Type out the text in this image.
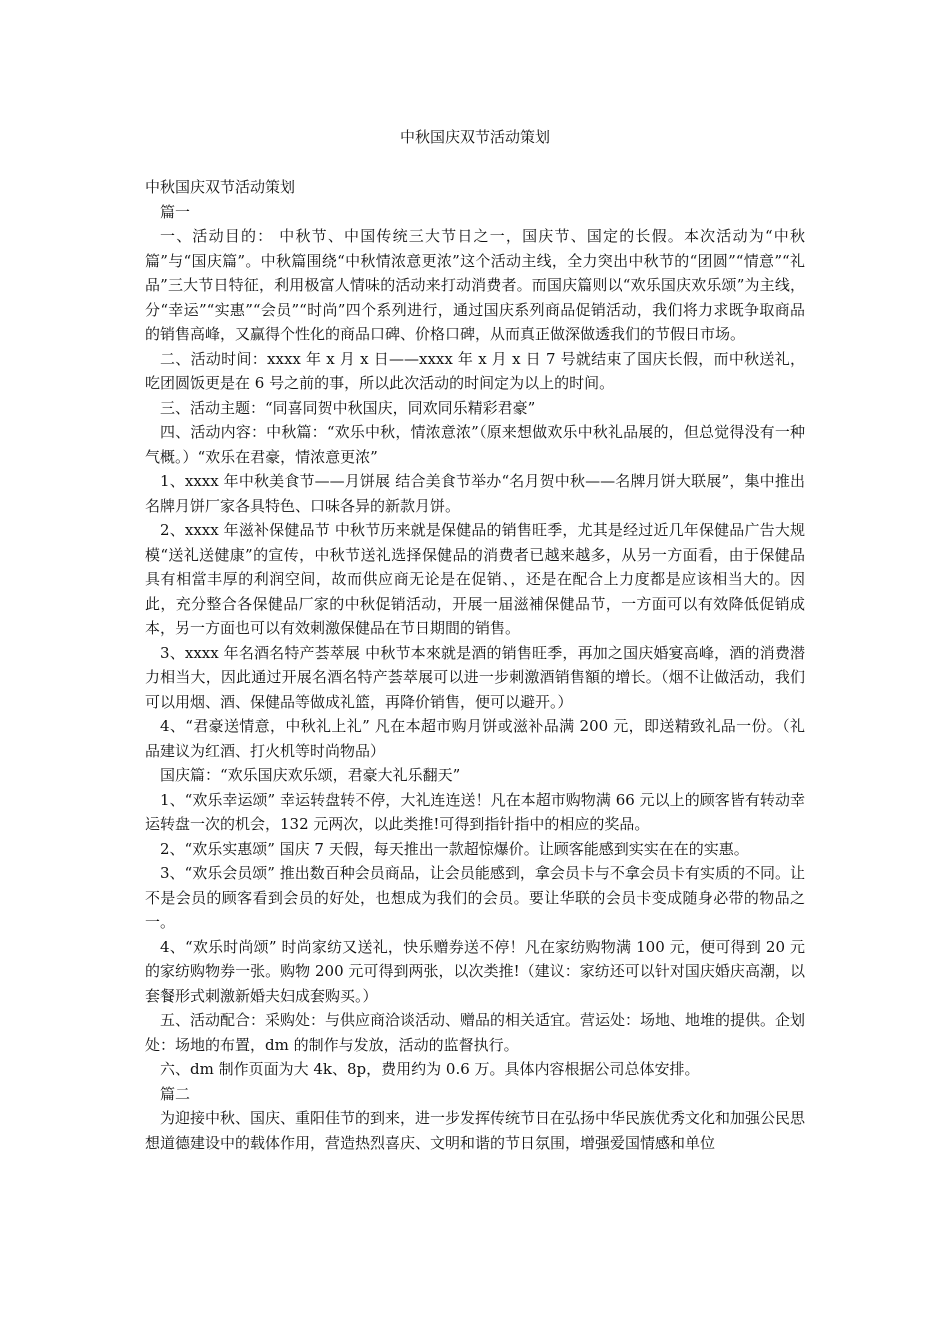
中秋国庆双节活动策划

中秋国庆双节活动策划

篇一

一、活动目的： 中秋节、中国传统三大节日之一，国庆节、国定的长假。本次活动为“中秋篇”与“国庆篇”。中秋篇围绕“中秋情浓意更浓”这个活动主线，全力突出中秋节的“团圆”“情意”“礼品”三大节日特征，利用极富人情味的活动来打动消费者。而国庆篇则以“欢乐国庆欢乐颂”为主线，分“幸运”“实惠”“会员”“时尚”四个系列进行，通过国庆系列商品促销活动，我们将力求既争取商品的销售高峰，又赢得个性化的商品口碑、价格口碑，从而真正做深做透我们的节假日市场。

二、活动时间：xxxx 年 x 月 x 日——xxxx 年 x 月 x 日 7 号就结束了国庆长假，而中秋送礼，吃团圆饭更是在 6 号之前的事，所以此次活动的时间定为以上的时间。

三、活动主题：“同喜同贺中秋国庆，同欢同乐精彩君豪”

四、活动内容：中秋篇：“欢乐中秋，情浓意浓”（原来想做欢乐中秋礼品展的，但总觉得没有一种气概。）“欢乐在君豪，情浓意更浓”

1、xxxx 年中秋美食节——月饼展 结合美食节举办“名月贺中秋——名牌月饼大联展”，集中推出名牌月饼厂家各具特色、口味各异的新款月饼。

2、xxxx 年滋补保健品节 中秋节历来就是保健品的销售旺季，尤其是经过近几年保健品广告大规模“送礼送健康”的宣传，中秋节送礼选择保健品的消费者已越来越多，从另一方面看，由于保健品具有相當丰厚的利润空间，故而供应商无论是在促销、，还是在配合上力度都是应该相当大的。因此，充分整合各保健品厂家的中秋促销活动，开展一届滋補保健品节，一方面可以有效降低促销成本，另一方面也可以有效刺激保健品在节日期間的销售。

3、xxxx 年名酒名特产荟萃展 中秋节本來就是酒的销售旺季，再加之国庆婚宴高峰，酒的消费潜力相当大，因此通过开展名酒名特产荟萃展可以进一步刺激酒销售額的增长。（烟不让做活动，我们可以用烟、酒、保健品等做成礼篮，再降价销售，便可以避开。）

4、“君豪送情意，中秋礼上礼” 凡在本超市购月饼或滋补品满 200 元，即送精致礼品一份。（礼品建议为红酒、打火机等时尚物品）

国庆篇：“欢乐国庆欢乐颂，君豪大礼乐翻天”

1、“欢乐幸运颂” 幸运转盘转不停，大礼连连送！凡在本超市购物满 66 元以上的顾客皆有转动幸运转盘一次的机会，132 元两次，以此类推!可得到指针指中的相应的奖品。

2、“欢乐实惠颂” 国庆 7 天假，每天推出一款超惊爆价。让顾客能感到实实在在的实惠。

3、“欢乐会员颂” 推出数百种会员商品，让会员能感到，拿会员卡与不拿会员卡有实质的不同。让不是会员的顾客看到会员的好处，也想成为我们的会员。要让华联的会员卡变成随身必带的物品之一。

4、“欢乐时尚颂” 时尚家纺又送礼，快乐赠券送不停！凡在家纺购物满 100 元，便可得到 20 元的家纺购物券一张。购物 200 元可得到两张，以次类推!（建议：家纺还可以针对国庆婚庆高潮，以套餐形式刺激新婚夫妇成套购买。）

五、活动配合：采购处：与供应商洽谈活动、赠品的相关适宜。营运处：场地、地堆的提供。企划处：场地的布置，dm 的制作与发放，活动的监督执行。

六、dm 制作页面为大 4k、8p，费用约为 0.6 万。具体内容根据公司总体安排。

篇二

为迎接中秋、国庆、重阳佳节的到来，进一步发挥传统节日在弘扬中华民族优秀文化和加强公民思想道德建设中的载体作用，营造热烈喜庆、文明和谐的节日氛围，增强爱国情感和单位
